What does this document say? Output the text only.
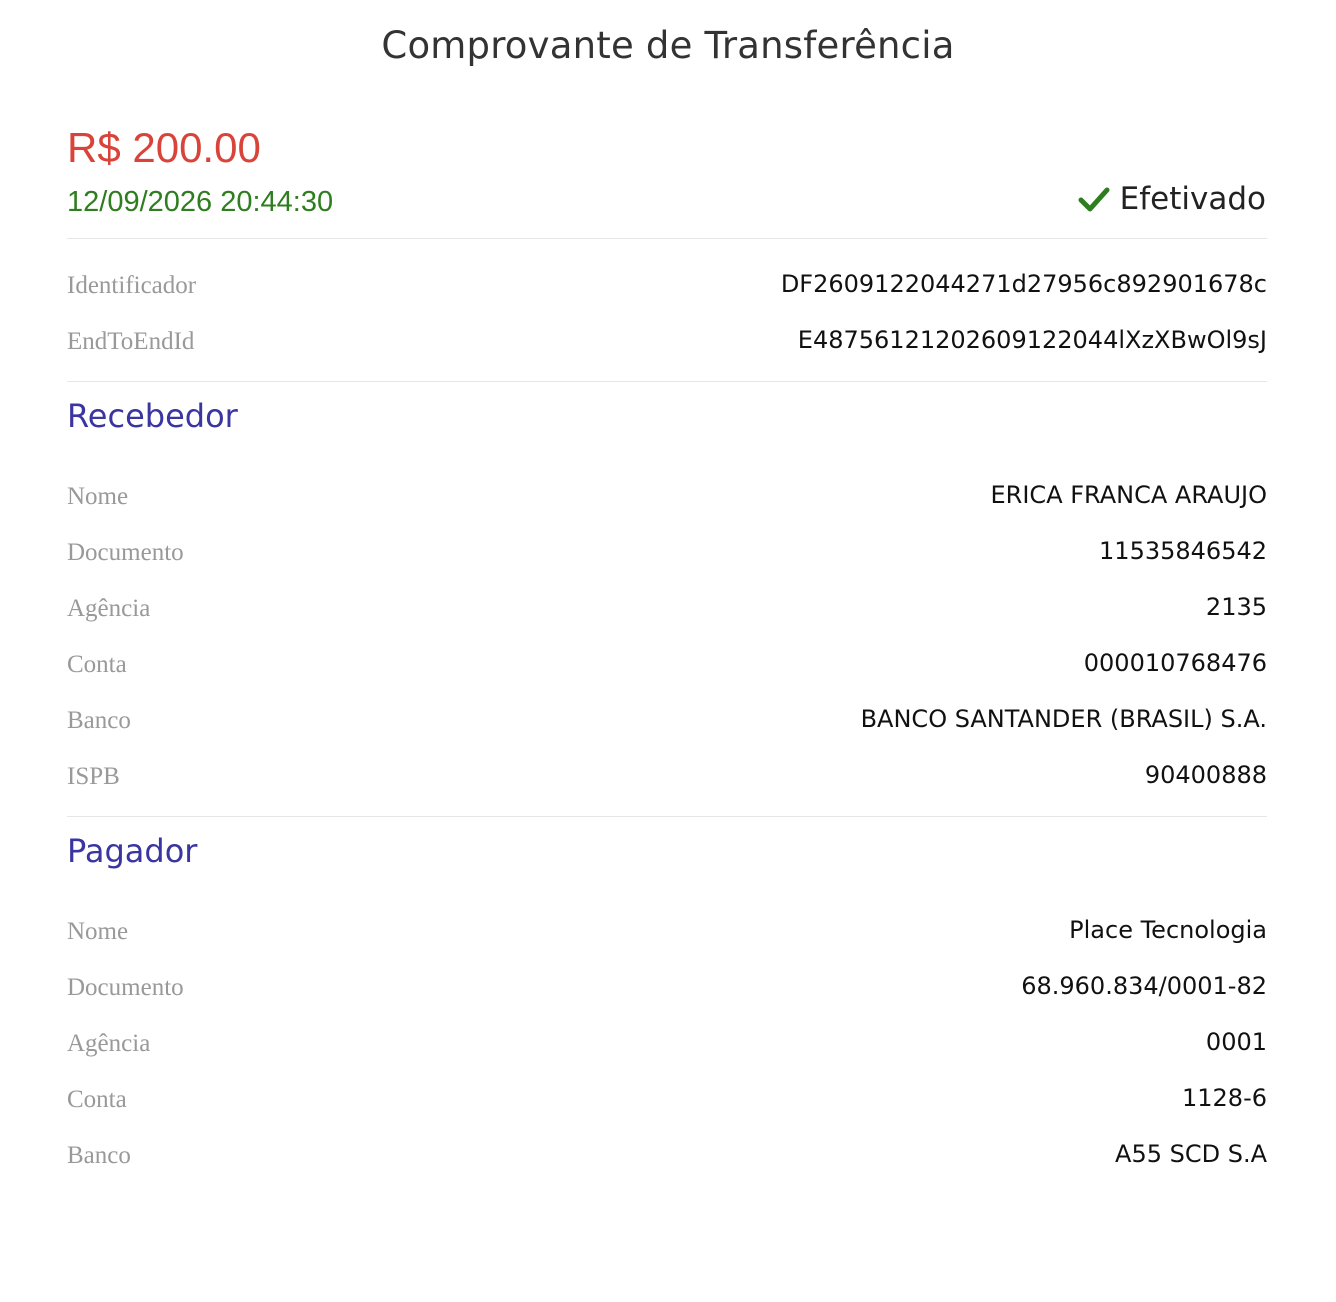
Comprovante de Transferência
R$ 200.00
12/09/2026 20:44:30	Efetivado
Identificador	DF2609122044271d27956c892901678c
EndToEndId	E48756121202609122044lXzXBwOl9sJ
Recebedor
Nome	ERICA FRANCA ARAUJO
Documento	11535846542
Agência	2135
Conta	000010768476
Banco	BANCO SANTANDER (BRASIL) S.A.
ISPB	90400888
Pagador
Nome	Place Tecnologia
Documento	68.960.834/0001-82
Agência	0001
Conta	1128-6
Banco	A55 SCD S.A
